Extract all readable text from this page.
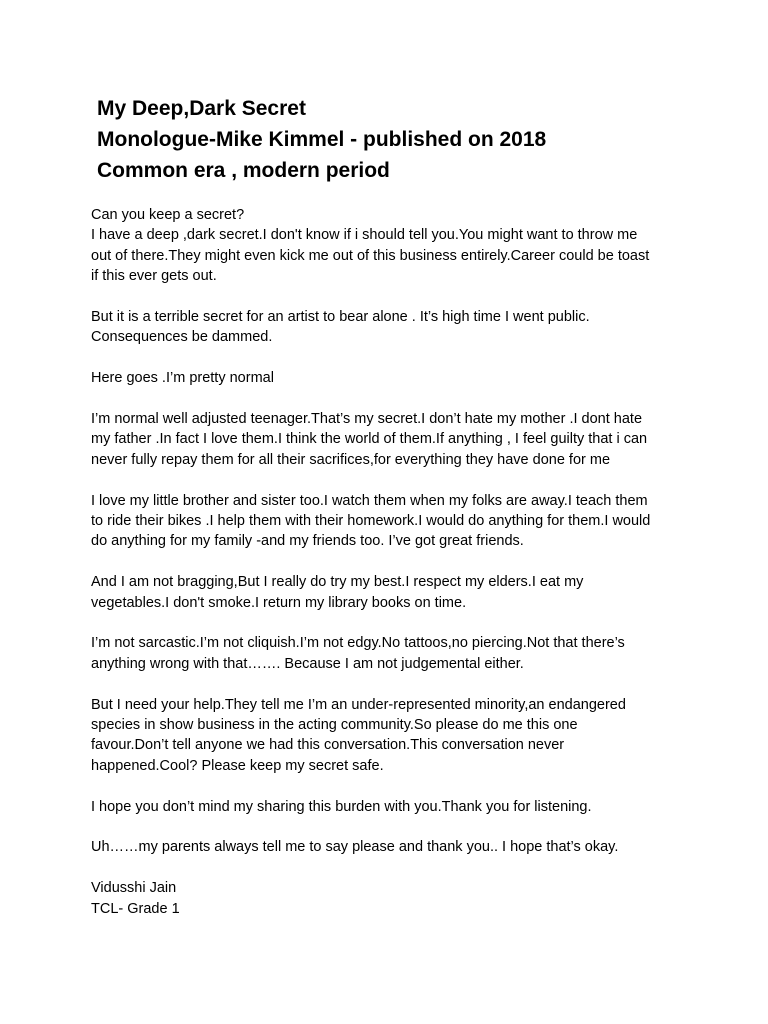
My Deep,Dark Secret
Monologue-Mike Kimmel - published on 2018
Common era , modern period

Can you keep a secret?
I have a deep ,dark secret.I don't know if i should tell you.You might want to throw me
out of there.They might even kick me out of this business entirely.Career could be toast
if this ever gets out.

But it is a terrible secret for an artist to bear alone . It’s high time I went public.
Consequences be dammed.

Here goes .I’m pretty normal

I’m normal well adjusted teenager.That’s my secret.I don’t hate my mother .I dont hate
my father .In fact I love them.I think the world of them.If anything , I feel guilty that i can
never fully repay them for all their sacrifices,for everything they have done for me

I love my little brother and sister too.I watch them when my folks are away.I teach them
to ride their bikes .I help them with their homework.I would do anything for them.I would
do anything for my family -and my friends too. I’ve got great friends.

And I am not bragging,But I really do try my best.I respect my elders.I eat my
vegetables.I don't smoke.I return my library books on time.

I’m not sarcastic.I’m not cliquish.I’m not edgy.No tattoos,no piercing.Not that there’s
anything wrong with that……. Because I am not judgemental either.

But I need your help.They tell me I’m an under-represented minority,an endangered
species in show business in the acting community.So please do me this one
favour.Don’t tell anyone we had this conversation.This conversation never
happened.Cool? Please keep my secret safe.

I hope you don’t mind my sharing this burden with you.Thank you for listening.

Uh……my parents always tell me to say please and thank you.. I hope that’s okay.

Vidusshi Jain
TCL- Grade 1
